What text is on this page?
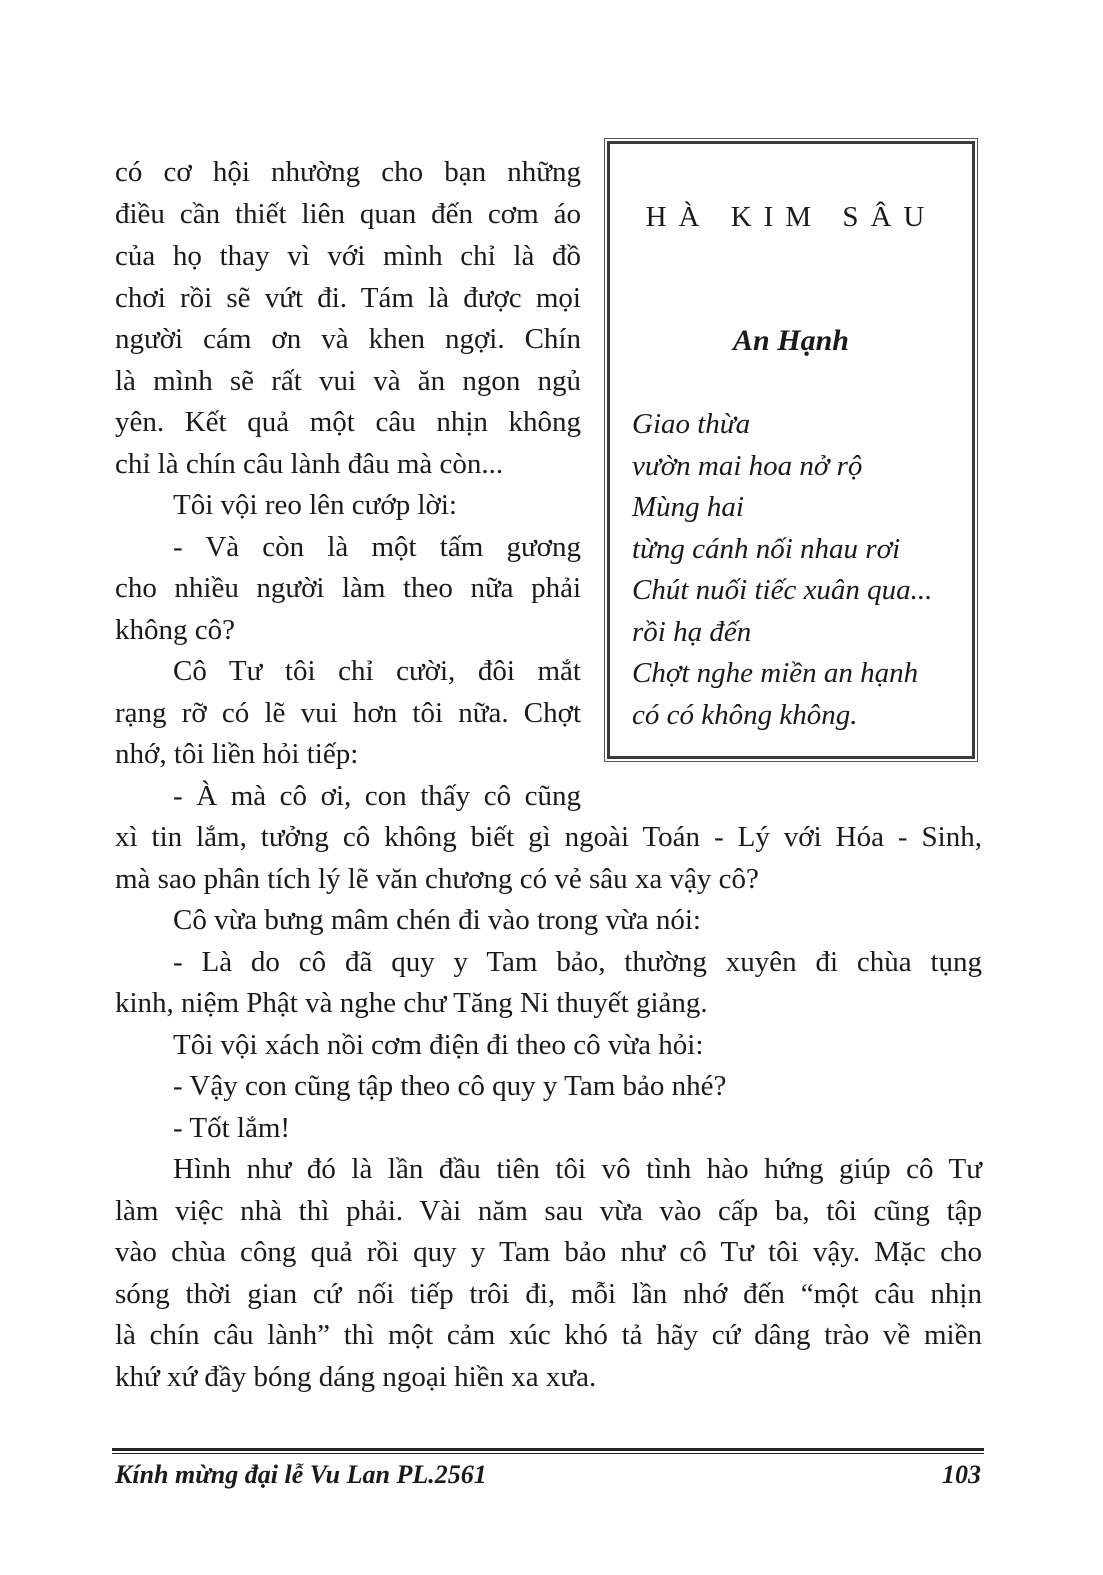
có cơ hội nhường cho bạn những
điều cần thiết liên quan đến cơm áo
của họ thay vì với mình chỉ là đồ
chơi rồi sẽ vứt đi. Tám là được mọi
người cám ơn và khen ngợi. Chín
là mình sẽ rất vui và ăn ngon ngủ
yên. Kết quả một câu nhịn không
chỉ là chín câu lành đâu mà còn...
Tôi vội reo lên cướp lời:
- Và còn là một tấm gương
cho nhiều người làm theo nữa phải
không cô?
Cô Tư tôi chỉ cười, đôi mắt
rạng rỡ có lẽ vui hơn tôi nữa. Chợt
nhớ, tôi liền hỏi tiếp:
- À mà cô ơi, con thấy cô cũng
xì tin lắm, tưởng cô không biết gì ngoài Toán - Lý với Hóa - Sinh,
mà sao phân tích lý lẽ văn chương có vẻ sâu xa vậy cô?
Cô vừa bưng mâm chén đi vào trong vừa nói:
- Là do cô đã quy y Tam bảo, thường xuyên đi chùa tụng
kinh, niệm Phật và nghe chư Tăng Ni thuyết giảng.
Tôi vội xách nồi cơm điện đi theo cô vừa hỏi:
- Vậy con cũng tập theo cô quy y Tam bảo nhé?
- Tốt lắm!
Hình như đó là lần đầu tiên tôi vô tình hào hứng giúp cô Tư
làm việc nhà thì phải. Vài năm sau vừa vào cấp ba, tôi cũng tập
vào chùa công quả rồi quy y Tam bảo như cô Tư tôi vậy. Mặc cho
sóng thời gian cứ nối tiếp trôi đi, mỗi lần nhớ đến “một câu nhịn
là chín câu lành” thì một cảm xúc khó tả hãy cứ dâng trào về miền
khứ xứ đầy bóng dáng ngoại hiền xa xưa.
HÀ KIM SÂU
An Hạnh
Giao thừa
vườn mai hoa nở rộ
Mùng hai
từng cánh nối nhau rơi
Chút nuối tiếc xuân qua...
rồi hạ đến
Chợt nghe miền an hạnh
có có không không.
Kính mừng đại lễ Vu Lan PL.2561	103
